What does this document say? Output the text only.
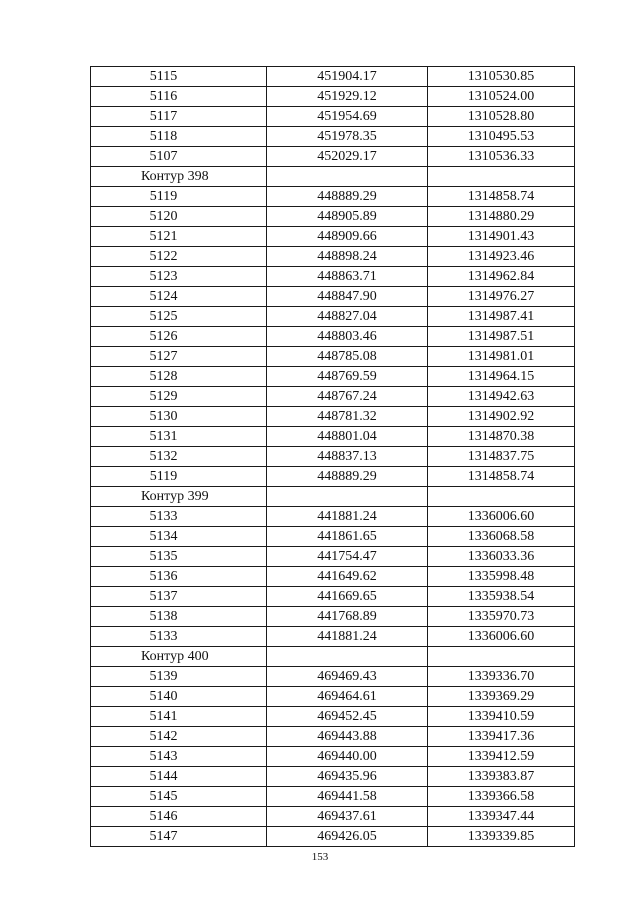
5115	451904.17	1310530.85
5116	451929.12	1310524.00
5117	451954.69	1310528.80
5118	451978.35	1310495.53
5107	452029.17	1310536.33
Контур 398		
5119	448889.29	1314858.74
5120	448905.89	1314880.29
5121	448909.66	1314901.43
5122	448898.24	1314923.46
5123	448863.71	1314962.84
5124	448847.90	1314976.27
5125	448827.04	1314987.41
5126	448803.46	1314987.51
5127	448785.08	1314981.01
5128	448769.59	1314964.15
5129	448767.24	1314942.63
5130	448781.32	1314902.92
5131	448801.04	1314870.38
5132	448837.13	1314837.75
5119	448889.29	1314858.74
Контур 399		
5133	441881.24	1336006.60
5134	441861.65	1336068.58
5135	441754.47	1336033.36
5136	441649.62	1335998.48
5137	441669.65	1335938.54
5138	441768.89	1335970.73
5133	441881.24	1336006.60
Контур 400		
5139	469469.43	1339336.70
5140	469464.61	1339369.29
5141	469452.45	1339410.59
5142	469443.88	1339417.36
5143	469440.00	1339412.59
5144	469435.96	1339383.87
5145	469441.58	1339366.58
5146	469437.61	1339347.44
5147	469426.05	1339339.85
153
